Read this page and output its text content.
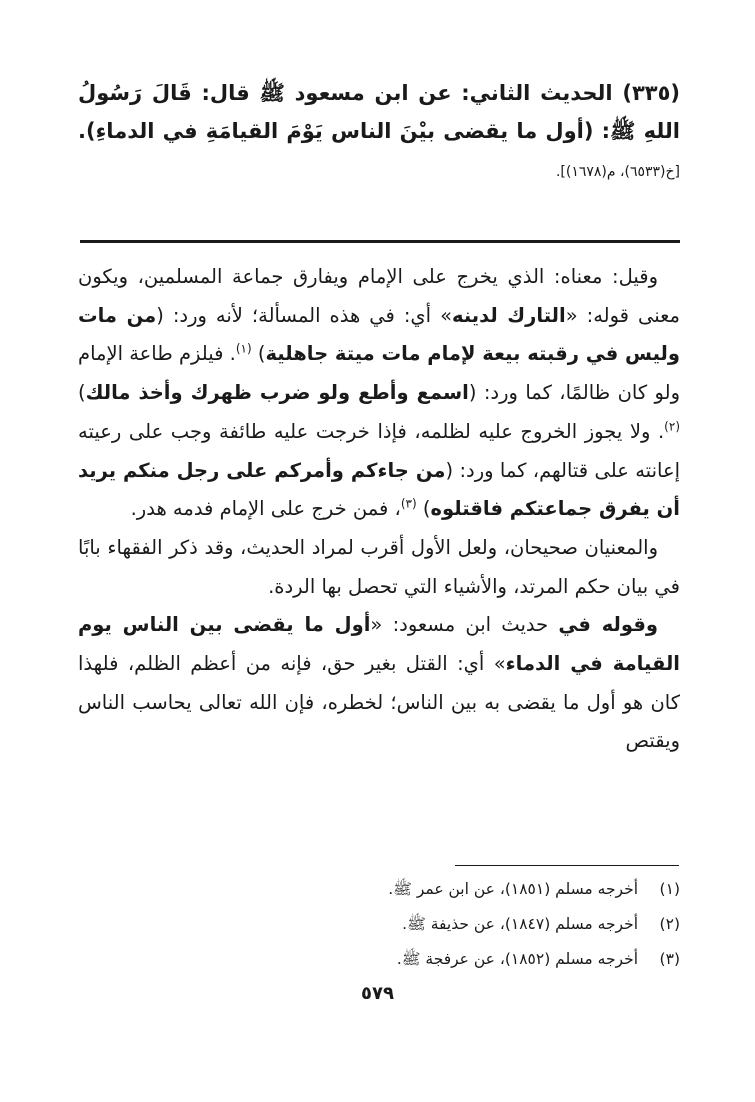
(٣٣٥) الحديث الثاني: عن ابن مسعود ﷺ قال: قَالَ رَسُولُ اللهِ ﷺ: (أول ما يقضى بيْنَ الناس يَوْمَ القيامَةِ في الدماءِ). [خ(٦٥٣٣)، م(١٦٧٨)].

وقيل: معناه: الذي يخرج على الإمام ويفارق جماعة المسلمين، ويكون معنى قوله: «التارك لدينه» أي: في هذه المسألة؛ لأنه ورد: (من مات وليس في رقبته بيعة لإمام مات ميتة جاهلية) $^{(١)}$. فيلزم طاعة الإمام ولو كان ظالمًا، كما ورد: (اسمع وأطع ولو ضرب ظهرك وأخذ مالك) $^{(٢)}$. ولا يجوز الخروج عليه لظلمه، فإذا خرجت عليه طائفة وجب على رعيته إعانته على قتالهم، كما ورد: (من جاءكم وأمركم على رجل منكم يريد أن يفرق جماعتكم فاقتلوه) $^{(٣)}$، فمن خرج على الإمام فدمه هدر.

والمعنيان صحيحان، ولعل الأول أقرب لمراد الحديث، وقد ذكر الفقهاء بابًا في بيان حكم المرتد، والأشياء التي تحصل بها الردة.

وقوله في حديث ابن مسعود: «أول ما يقضى بين الناس يوم القيامة في الدماء» أي: القتل بغير حق، فإنه من أعظم الظلم، فلهذا كان هو أول ما يقضى به بين الناس؛ لخطره، فإن الله تعالى يحاسب الناس ويقتص

(١)
أخرجه مسلم (١٨٥١)، عن ابن عمر ﷺ.
(٢)
أخرجه مسلم (١٨٤٧)، عن حذيفة ﷺ.
(٣)
أخرجه مسلم (١٨٥٢)، عن عرفجة ﷺ.
٥٧٩
